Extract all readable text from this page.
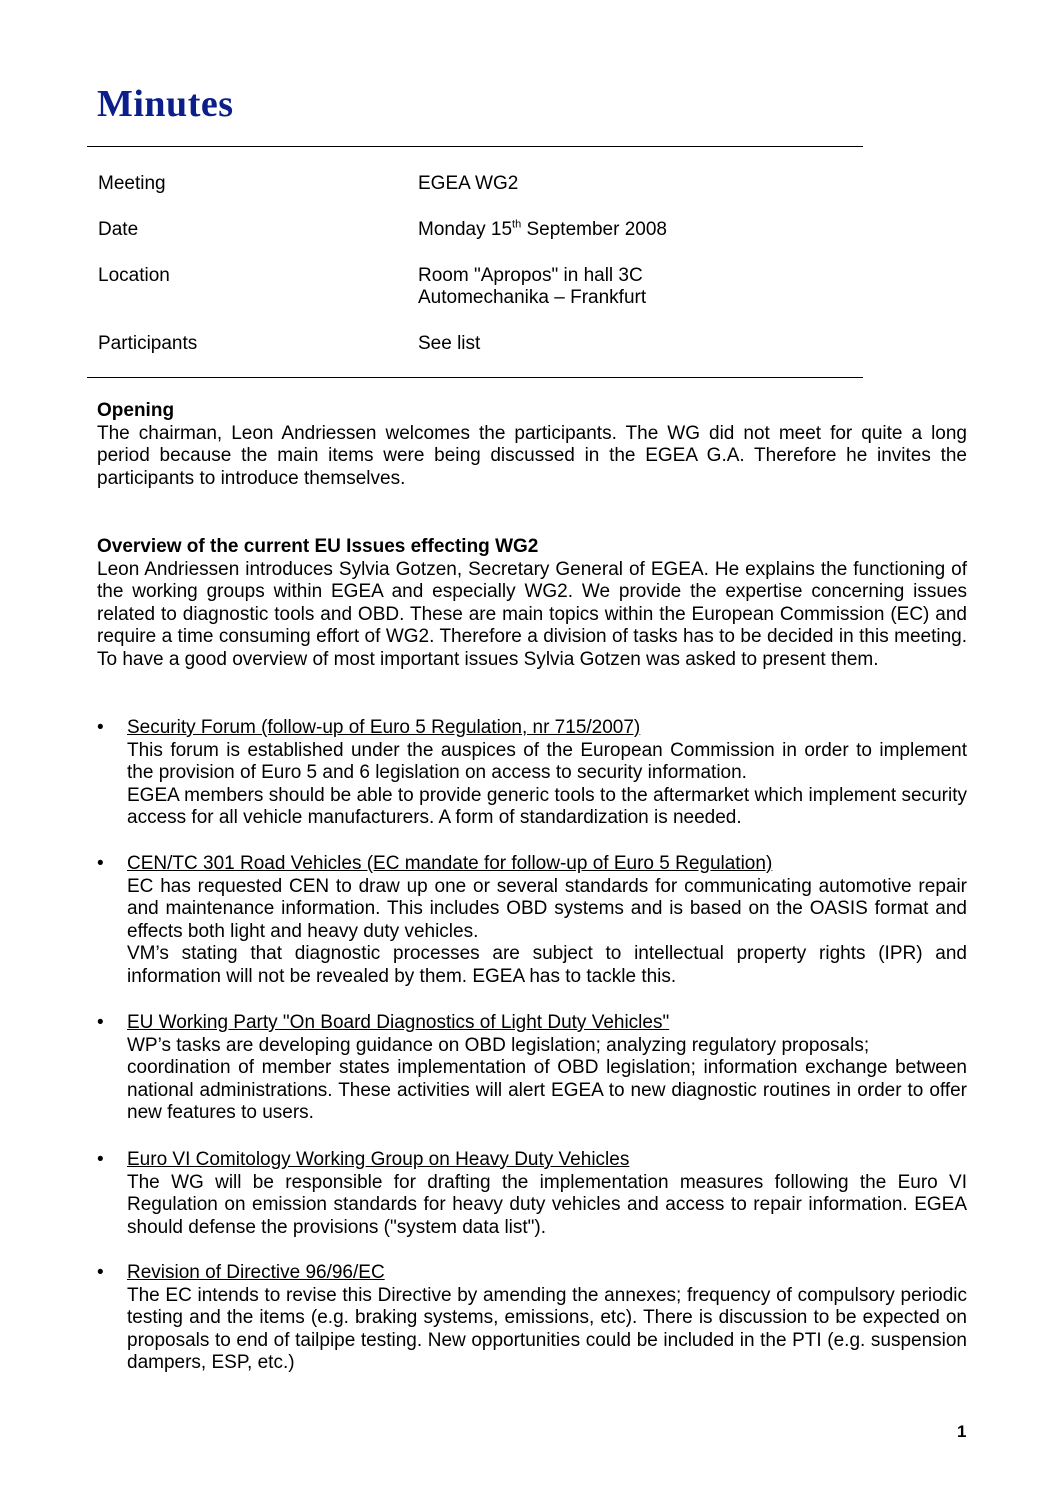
Minutes
Meeting	EGEA WG2
Date	Monday 15th September 2008
Location	Room "Apropos" in hall 3C
Automechanika – Frankfurt
Participants	See list
Opening
The chairman, Leon Andriessen welcomes the participants. The WG did not meet for quite a long period because the main items were being discussed in the EGEA G.A. Therefore he invites the participants to introduce themselves.
Overview of the current EU Issues effecting WG2
Leon Andriessen introduces Sylvia Gotzen, Secretary General of EGEA. He explains the functioning of the working groups within EGEA and especially WG2. We provide the expertise concerning issues related to diagnostic tools and OBD. These are main topics within the European Commission (EC) and require a time consuming effort of WG2. Therefore a division of tasks has to be decided in this meeting. To have a good overview of most important issues Sylvia Gotzen was asked to present them.
• Security Forum (follow-up of Euro 5 Regulation, nr 715/2007)
This forum is established under the auspices of the European Commission in order to implement the provision of Euro 5 and 6 legislation on access to security information.
EGEA members should be able to provide generic tools to the aftermarket which implement security access for all vehicle manufacturers. A form of standardization is needed.
• CEN/TC 301 Road Vehicles (EC mandate for follow-up of Euro 5 Regulation)
EC has requested CEN to draw up one or several standards for communicating automotive repair and maintenance information. This includes OBD systems and is based on the OASIS format and effects both light and heavy duty vehicles.
VM’s stating that diagnostic processes are subject to intellectual property rights (IPR) and information will not be revealed by them. EGEA has to tackle this.
• EU Working Party "On Board Diagnostics of Light Duty Vehicles"
WP’s tasks are developing guidance on OBD legislation; analyzing regulatory proposals;
coordination of member states implementation of OBD legislation; information exchange between national administrations. These activities will alert EGEA to new diagnostic routines in order to offer new features to users.
• Euro VI Comitology Working Group on Heavy Duty Vehicles
The WG will be responsible for drafting the implementation measures following the Euro VI Regulation on emission standards for heavy duty vehicles and access to repair information. EGEA should defense the provisions ("system data list").
• Revision of Directive 96/96/EC
The EC intends to revise this Directive by amending the annexes; frequency of compulsory periodic testing and the items (e.g. braking systems, emissions, etc). There is discussion to be expected on proposals to end of tailpipe testing. New opportunities could be included in the PTI (e.g. suspension dampers, ESP, etc.)
1
